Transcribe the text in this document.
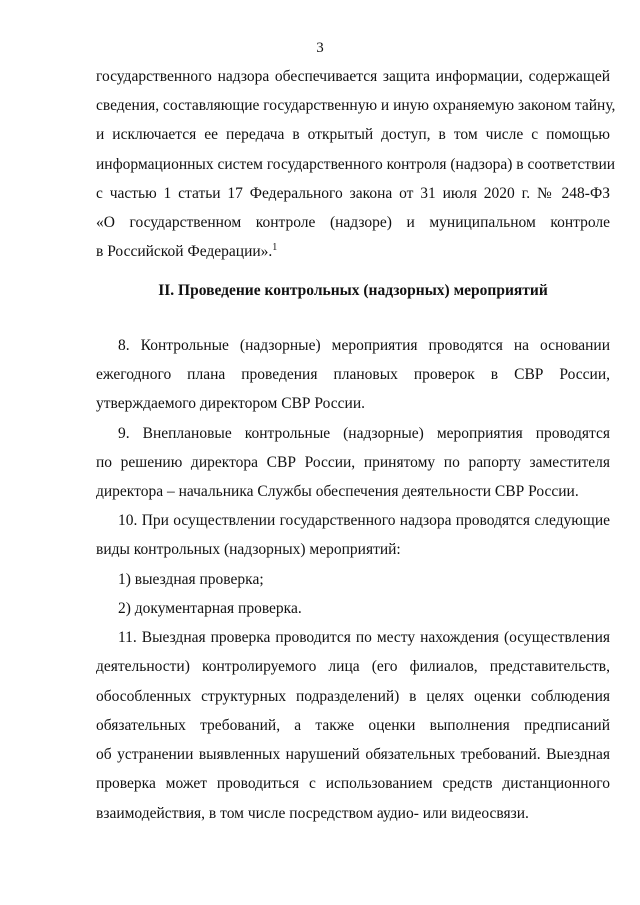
3
государственного надзора обеспечивается защита информации, содержащей
сведения, составляющие государственную и иную охраняемую законом тайну,
и исключается ее передача в открытый доступ, в том числе с помощью
информационных систем государственного контроля (надзора) в соответствии
с частью 1 статьи 17 Федерального закона от 31 июля 2020 г. № 248-ФЗ
«О государственном контроле (надзоре) и муниципальном контроле
в Российской Федерации».$^1$
II. Проведение контрольных (надзорных) мероприятий
8. Контрольные (надзорные) мероприятия проводятся на основании
ежегодного плана проведения плановых проверок в СВР России,
утверждаемого директором СВР России.
9. Внеплановые контрольные (надзорные) мероприятия проводятся
по решению директора СВР России, принятому по рапорту заместителя
директора – начальника Службы обеспечения деятельности СВР России.
10. При осуществлении государственного надзора проводятся следующие
виды контрольных (надзорных) мероприятий:
1) выездная проверка;
2) документарная проверка.
11. Выездная проверка проводится по месту нахождения (осуществления
деятельности) контролируемого лица (его филиалов, представительств,
обособленных структурных подразделений) в целях оценки соблюдения
обязательных требований, а также оценки выполнения предписаний
об устранении выявленных нарушений обязательных требований. Выездная
проверка может проводиться с использованием средств дистанционного
взаимодействия, в том числе посредством аудио- или видеосвязи.
